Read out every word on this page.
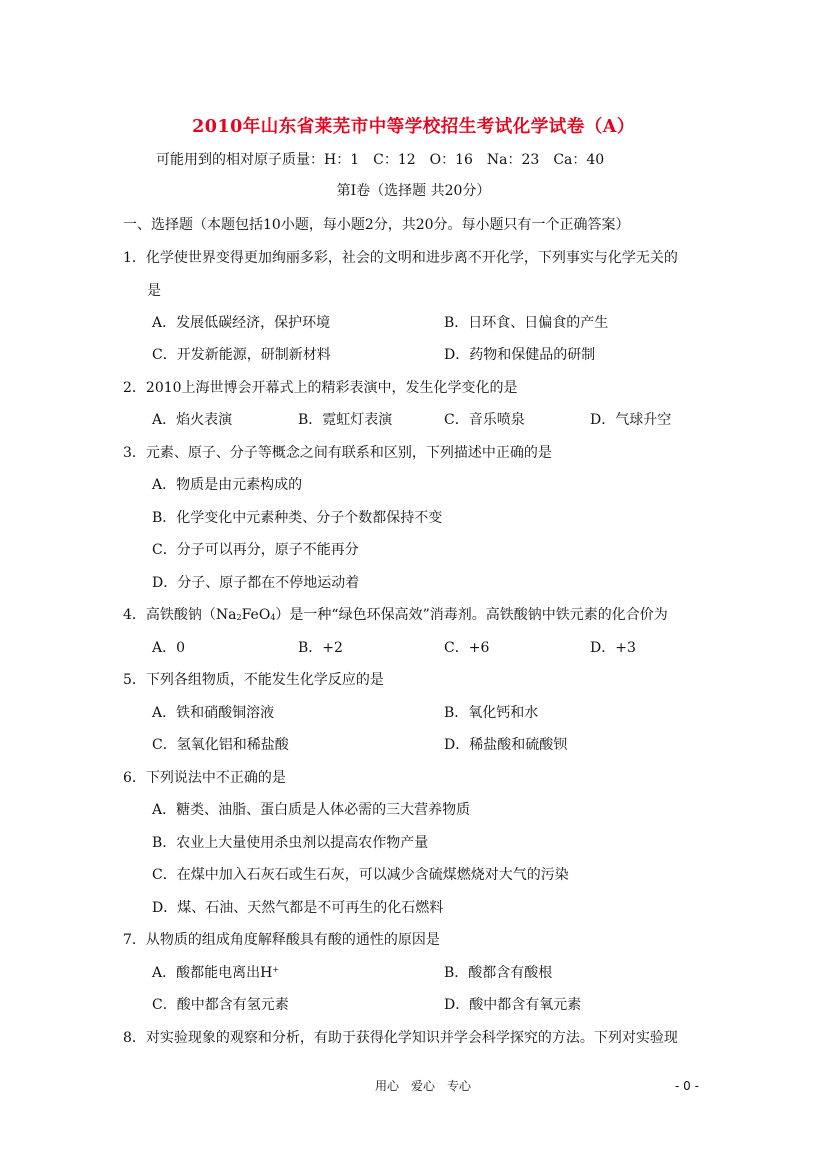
2010年山东省莱芜市中等学校招生考试化学试卷（A）
可能用到的相对原子质量：H：1　C：12　O：16　Na：23　Ca：40
第Ⅰ卷（选择题 共20分）
一、选择题（本题包括10小题，每小题2分，共20分。每小题只有一个正确答案）
1．化学使世界变得更加绚丽多彩，社会的文明和进步离不开化学，下列事实与化学无关的
是
A．发展低碳经济，保护环境	B．日环食、日偏食的产生
C．开发新能源，研制新材料	D．药物和保健品的研制
2．2010上海世博会开幕式上的精彩表演中，发生化学变化的是
A．焰火表演	B．霓虹灯表演	C．音乐喷泉	D．气球升空
3．元素、原子、分子等概念之间有联系和区别，下列描述中正确的是
A．物质是由元素构成的
B．化学变化中元素种类、分子个数都保持不变
C．分子可以再分，原子不能再分
D．分子、原子都在不停地运动着
4．高铁酸钠（Na2FeO4）是一种“绿色环保高效”消毒剂。高铁酸钠中铁元素的化合价为
A．0	B．+2	C．+6	D．+3
5．下列各组物质，不能发生化学反应的是
A．铁和硝酸铜溶液	B．氧化钙和水
C．氢氧化铝和稀盐酸	D．稀盐酸和硫酸钡
6．下列说法中不正确的是
A．糖类、油脂、蛋白质是人体必需的三大营养物质
B．农业上大量使用杀虫剂以提高农作物产量
C．在煤中加入石灰石或生石灰，可以减少含硫煤燃烧对大气的污染
D．煤、石油、天然气都是不可再生的化石燃料
7．从物质的组成角度解释酸具有酸的通性的原因是
A．酸都能电离出H+	B．酸都含有酸根
C．酸中都含有氢元素	D．酸中都含有氧元素
8．对实验现象的观察和分析，有助于获得化学知识并学会科学探究的方法。下列对实验现
用心　爱心　专心	- 0 -
